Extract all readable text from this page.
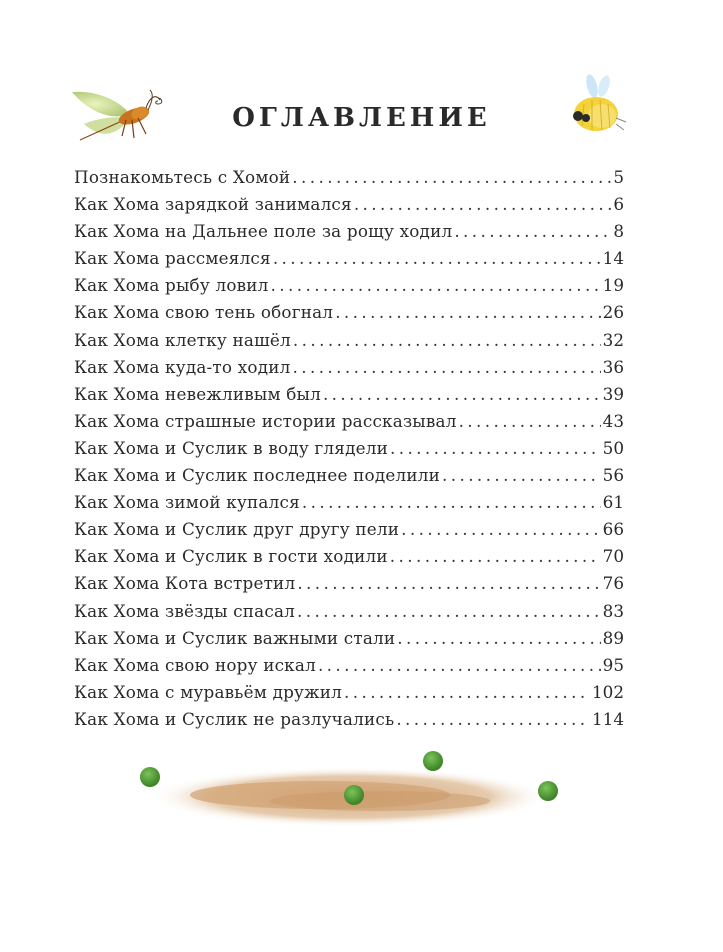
ОГЛАВЛЕНИЕ
Познакомьтесь с Хомой .....	5
Как Хома зарядкой занимался .....	6
Как Хома на Дальнее поле за рощу ходил .....	8
Как Хома рассмеялся .....	14
Как Хома рыбу ловил .....	19
Как Хома свою тень обогнал .....	26
Как Хома клетку нашёл .....	32
Как Хома куда-то ходил .....	36
Как Хома невежливым был .....	39
Как Хома страшные истории рассказывал .....	43
Как Хома и Суслик в воду глядели .....	50
Как Хома и Суслик последнее поделили .....	56
Как Хома зимой купался .....	61
Как Хома и Суслик друг другу пели .....	66
Как Хома и Суслик в гости ходили .....	70
Как Хома Кота встретил .....	76
Как Хома звёзды спасал .....	83
Как Хома и Суслик важными стали .....	89
Как Хома свою нору искал .....	95
Как Хома с муравьём дружил .....	102
Как Хома и Суслик не разлучались .....	114
